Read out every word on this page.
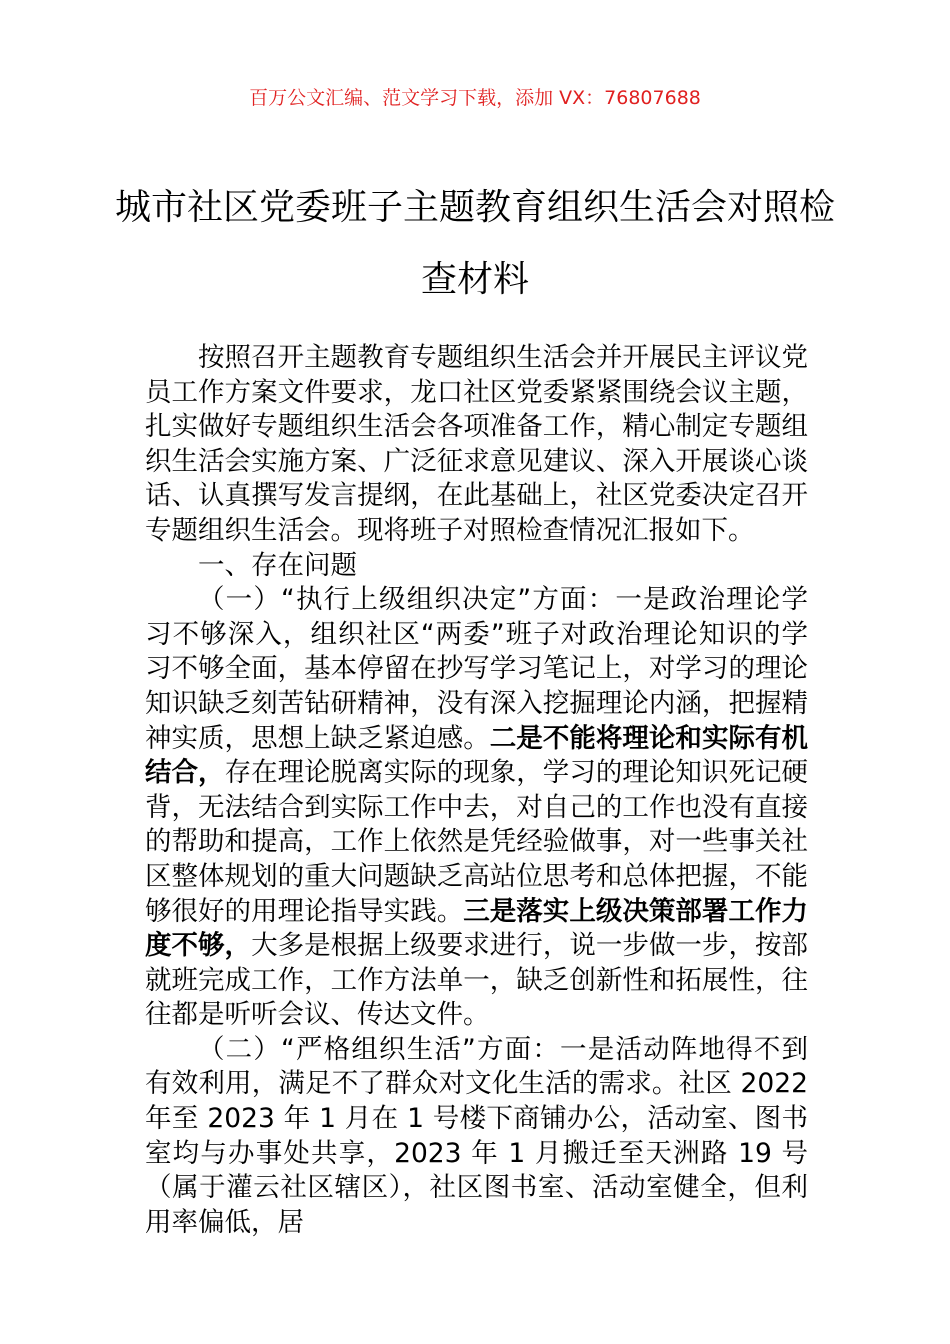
百万公文汇编、范文学习下载，添加 VX：76807688
城市社区党委班子主题教育组织生活会对照检查材料

按照召开主题教育专题组织生活会并开展民主评议党员工作方案文件要求，龙口社区党委紧紧围绕会议主题，扎实做好专题组织生活会各项准备工作，精心制定专题组织生活会实施方案、广泛征求意见建议、深入开展谈心谈话、认真撰写发言提纲，在此基础上，社区党委决定召开专题组织生活会。现将班子对照检查情况汇报如下。

一、存在问题

（一）“执行上级组织决定”方面：一是政治理论学习不够深入，组织社区“两委”班子对政治理论知识的学习不够全面，基本停留在抄写学习笔记上，对学习的理论知识缺乏刻苦钻研精神，没有深入挖掘理论内涵，把握精神实质，思想上缺乏紧迫感。二是不能将理论和实际有机结合，存在理论脱离实际的现象，学习的理论知识死记硬背，无法结合到实际工作中去，对自己的工作也没有直接的帮助和提高，工作上依然是凭经验做事，对一些事关社区整体规划的重大问题缺乏高站位思考和总体把握，不能够很好的用理论指导实践。三是落实上级决策部署工作力度不够，大多是根据上级要求进行，说一步做一步，按部就班完成工作，工作方法单一，缺乏创新性和拓展性，往往都是听听会议、传达文件。

（二）“严格组织生活”方面：一是活动阵地得不到有效利用，满足不了群众对文化生活的需求。社区 2022 年至 2023 年 1 月在 1 号楼下商铺办公，活动室、图书室均与办事处共享，2023 年 1 月搬迁至天洲路 19 号（属于灌云社区辖区），社区图书室、活动室健全，但利用率偏低，居
